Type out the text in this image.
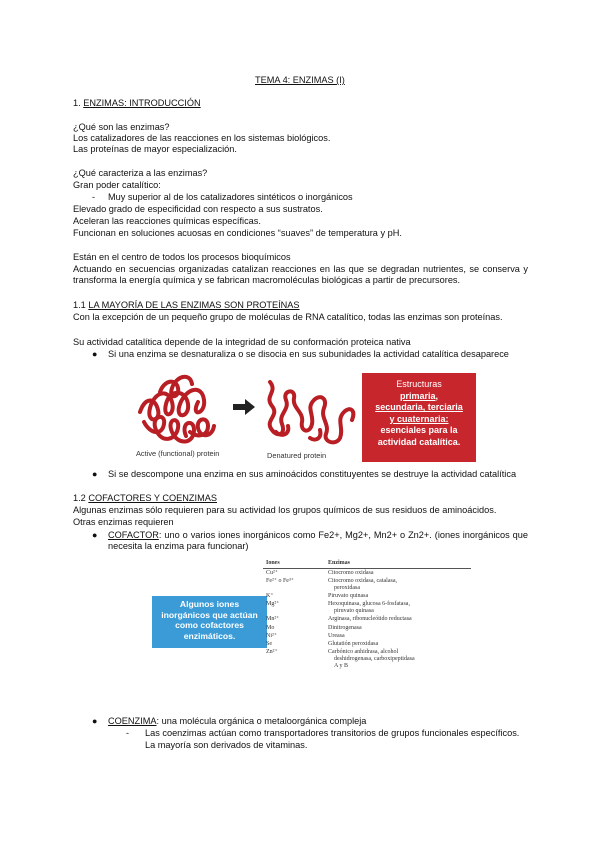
TEMA 4: ENZIMAS (I)

1. ENZIMAS: INTRODUCCIÓN

¿Qué son las enzimas?

Los catalizadores de las reacciones en los sistemas biológicos.

Las proteínas de mayor especialización.

¿Qué caracteriza a las enzimas?

Gran poder catalítico:

- Muy superior al de los catalizadores sintéticos o inorgánicos

Elevado grado de especificidad con respecto a sus sustratos.

Aceleran las reacciones químicas específicas.

Funcionan en soluciones acuosas en condiciones “suaves” de temperatura y pH.

Están en el centro de todos los procesos bioquímicos

Actuando en secuencias organizadas catalizan reacciones en las que se degradan nutrientes, se conserva y transforma la energía química y se fabrican macromoléculas biológicas a partir de precursores.

1.1 LA MAYORÍA DE LAS ENZIMAS SON PROTEÍNAS

Con la excepción de un pequeño grupo de moléculas de RNA catalítico, todas las enzimas son proteínas.

Su actividad catalítica depende de la integridad de su conformación proteica nativa

● Si una enzima se desnaturaliza o se disocia en sus subunidades la actividad catalítica desaparece

Active (functional) protein	Denatured protein
Estructuras
primaria,
secundaria, terciaria
y cuaternaria:
esenciales para la
actividad catalítica.
● Si se descompone una enzima en sus aminoácidos constituyentes se destruye la actividad catalítica

1.2 COFACTORES Y COENZIMAS

Algunas enzimas sólo requieren para su actividad los grupos químicos de sus residuos de aminoácidos.

Otras enzimas requieren

● COFACTOR: uno o varios iones inorgánicos como Fe2+, Mg2+, Mn2+ o Zn2+. (iones inorgánicos que necesita la enzima para funcionar)

Algunos iones
inorgánicos que actúan
como cofactores
enzimáticos.
Iones	Enzimas
Cu²⁺	Citocromo oxidasa

Fe²⁺ o Fe³⁺	Citocromo oxidasa, catalasa,
peroxidasa

K⁺	Piruvato quinasa

Mg²⁺	Hexoquinasa, glucosa 6-fosfatasa,
piruvato quinasa

Mn²⁺	Arginasa, ribonucleótido reductasa

Mo	Dinitrogenasa

Ni²⁺	Ureasa

Se	Glutatión peroxidasa

Zn²⁺	Carbónico anhidrasa, alcohol
deshidrogenasa, carboxipeptidasa
A y B
● COENZIMA: una molécula orgánica o metaloorgánica compleja

- Las coenzimas actúan como transportadores transitorios de grupos funcionales específicos. La mayoría son derivados de vitaminas.
